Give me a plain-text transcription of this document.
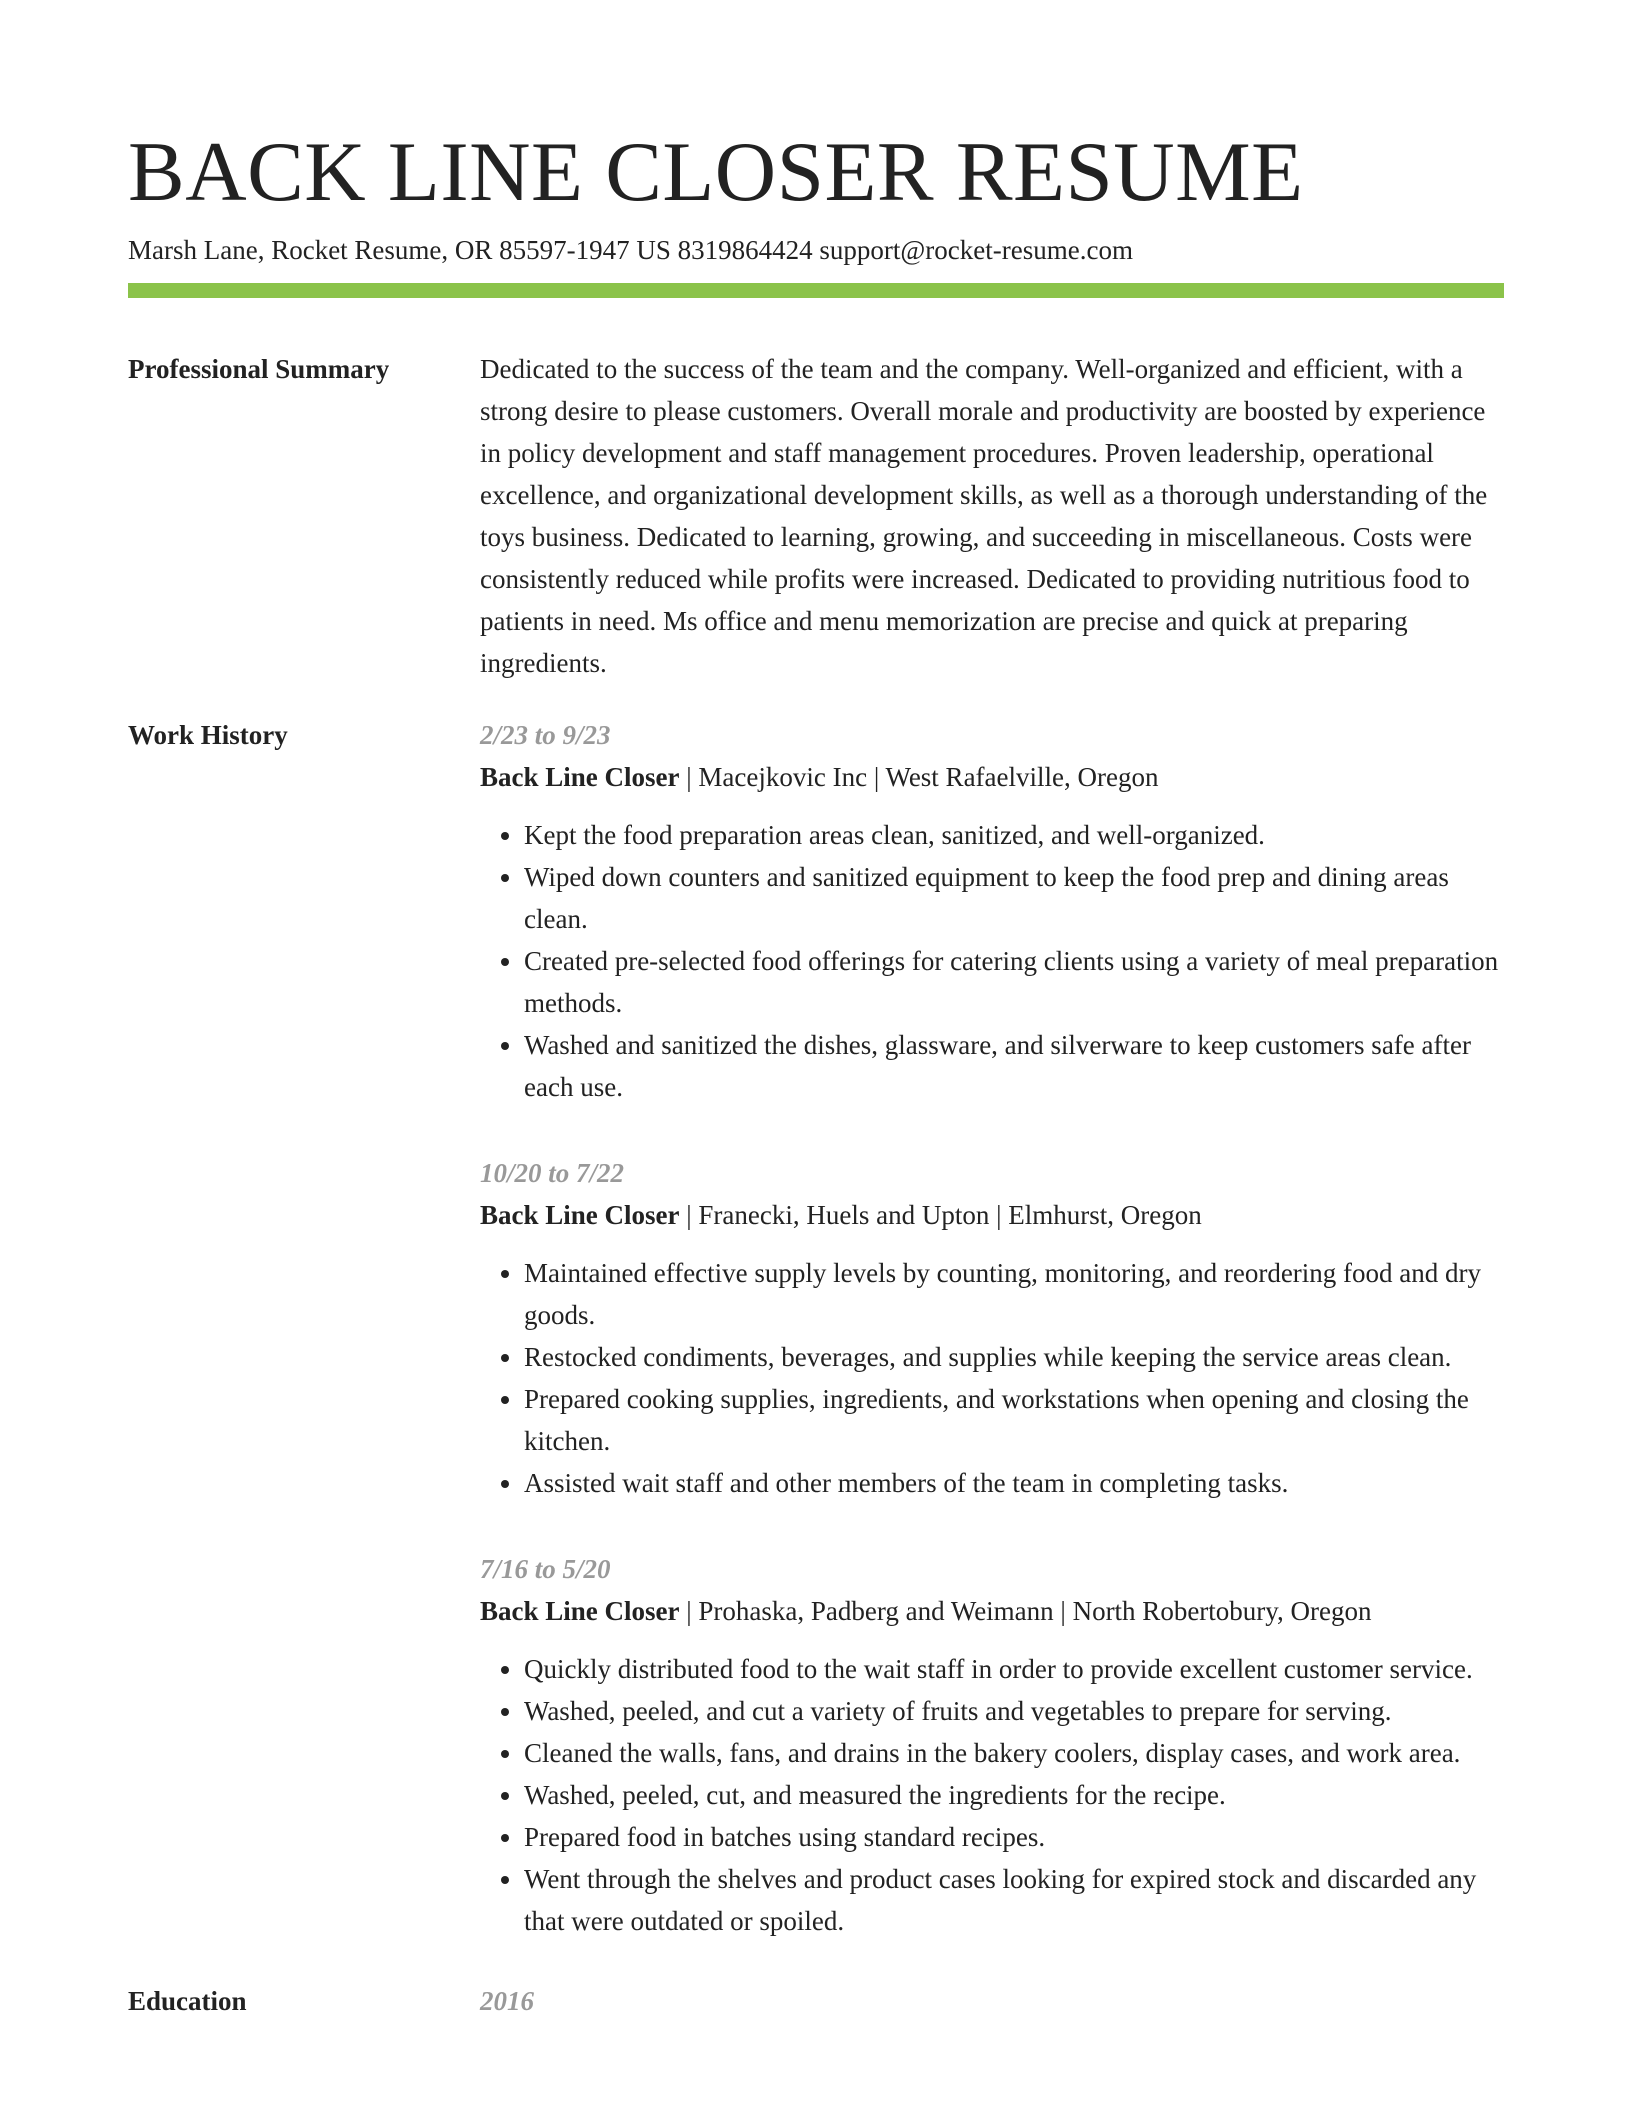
BACK LINE CLOSER RESUME
Marsh Lane, Rocket Resume, OR 85597-1947 US 8319864424 support@rocket-resume.com
Professional Summary	Dedicated to the success of the team and the company. Well-organized and efficient, with a strong desire to please customers. Overall morale and productivity are boosted by experience in policy development and staff management procedures. Proven leadership, operational excellence, and organizational development skills, as well as a thorough understanding of the toys business. Dedicated to learning, growing, and succeeding in miscellaneous. Costs were consistently reduced while profits were increased. Dedicated to providing nutritious food to patients in need. Ms office and menu memorization are precise and quick at preparing ingredients.

Work History	2/23 to 9/23
Back Line Closer | Macejkovic Inc | West Rafaelville, Oregon
• Kept the food preparation areas clean, sanitized, and well-organized.
• Wiped down counters and sanitized equipment to keep the food prep and dining areas clean.
• Created pre-selected food offerings for catering clients using a variety of meal preparation methods.
• Washed and sanitized the dishes, glassware, and silverware to keep customers safe after each use.
10/20 to 7/22
Back Line Closer | Franecki, Huels and Upton | Elmhurst, Oregon
• Maintained effective supply levels by counting, monitoring, and reordering food and dry goods.
• Restocked condiments, beverages, and supplies while keeping the service areas clean.
• Prepared cooking supplies, ingredients, and workstations when opening and closing the kitchen.
• Assisted wait staff and other members of the team in completing tasks.
7/16 to 5/20
Back Line Closer | Prohaska, Padberg and Weimann | North Robertobury, Oregon
• Quickly distributed food to the wait staff in order to provide excellent customer service.
• Washed, peeled, and cut a variety of fruits and vegetables to prepare for serving.
• Cleaned the walls, fans, and drains in the bakery coolers, display cases, and work area.
• Washed, peeled, cut, and measured the ingredients for the recipe.
• Prepared food in batches using standard recipes.
• Went through the shelves and product cases looking for expired stock and discarded any that were outdated or spoiled.
Education	2016
